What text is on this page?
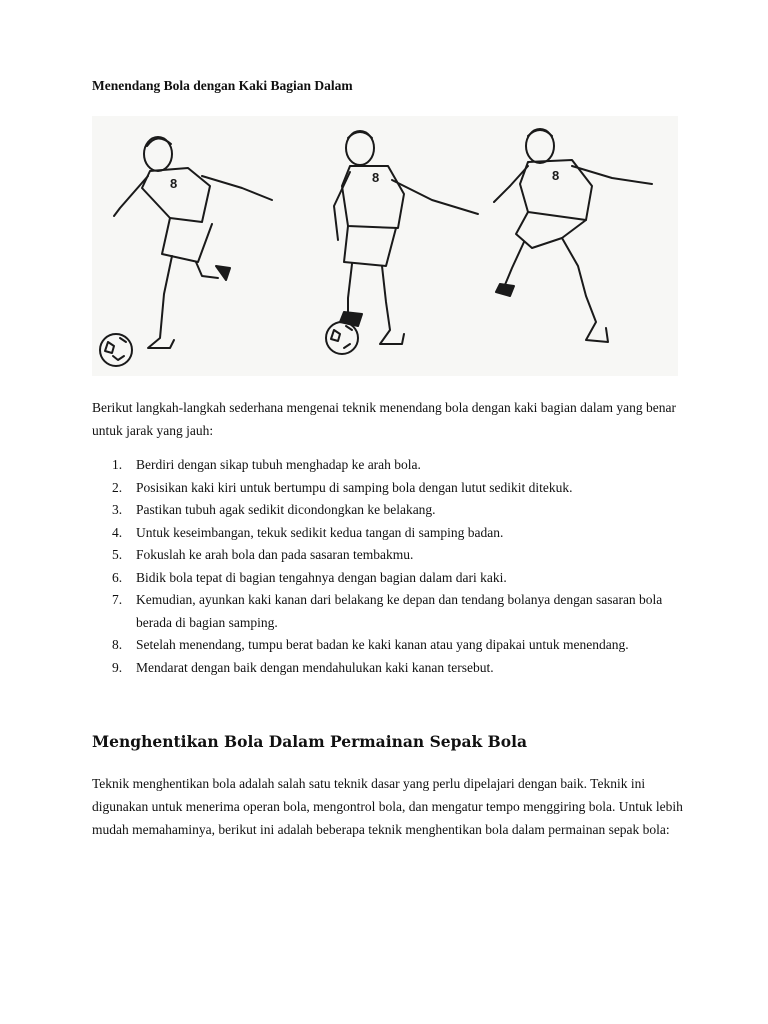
Menendang Bola dengan Kaki Bagian Dalam
8	8	8

Berikut langkah-langkah sederhana mengenai teknik menendang bola dengan kaki bagian dalam yang benar untuk jarak yang jauh:

1. Berdiri dengan sikap tubuh menghadap ke arah bola.
2. Posisikan kaki kiri untuk bertumpu di samping bola dengan lutut sedikit ditekuk.
3. Pastikan tubuh agak sedikit dicondongkan ke belakang.
4. Untuk keseimbangan, tekuk sedikit kedua tangan di samping badan.
5. Fokuslah ke arah bola dan pada sasaran tembakmu.
6. Bidik bola tepat di bagian tengahnya dengan bagian dalam dari kaki.
7. Kemudian, ayunkan kaki kanan dari belakang ke depan dan tendang bolanya dengan sasaran bola berada di bagian samping.
8. Setelah menendang, tumpu berat badan ke kaki kanan atau yang dipakai untuk menendang.
9. Mendarat dengan baik dengan mendahulukan kaki kanan tersebut.
Menghentikan Bola Dalam Permainan Sepak Bola

Teknik menghentikan bola adalah salah satu teknik dasar yang perlu dipelajari dengan baik. Teknik ini digunakan untuk menerima operan bola, mengontrol bola, dan mengatur tempo menggiring bola. Untuk lebih mudah memahaminya, berikut ini adalah beberapa teknik menghentikan bola dalam permainan sepak bola:
